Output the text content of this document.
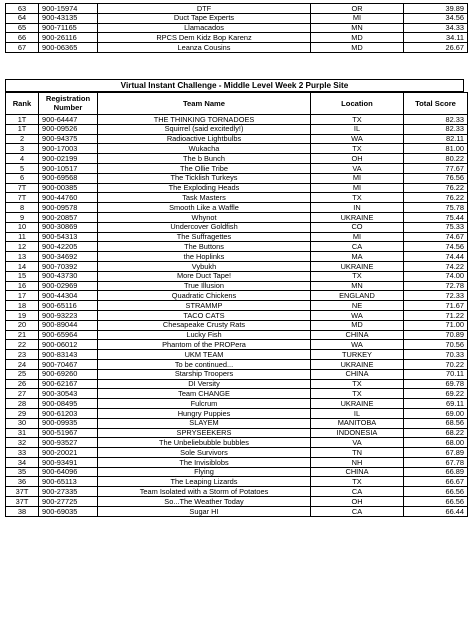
63	900-15974	DTF	OR	39.89
64	900-43135	Duct Tape Experts	MI	34.56
65	900-71165	Llamacados	MN	34.33
66	900-26116	RPCS Dem Kidz Bop Karenz	MD	34.11
67	900-06365	Leanza Cousins	MD	26.67
Virtual Instant Challenge - Middle Level Week 2 Purple Site
Rank	Registration Number	Team Name	Location	Total Score
1T	900-64447	THE THINKING TORNADOES	TX	82.33
1T	900-09526	Squirrel (said excitedly!)	IL	82.33
2	900-94375	Radioactive Lightbulbs	WA	82.11
3	900-17003	Wukacha	TX	81.00
4	900-02199	The b Bunch	OH	80.22
5	900-10517	The Ollie Tribe	VA	77.67
6	900-69568	The Ticklish Turkeys	MI	76.56
7T	900-00385	The Exploding Heads	MI	76.22
7T	900-44760	Task Masters	TX	76.22
8	900-09578	Smooth Like a Waffle	IN	75.78
9	900-20857	Whynot	UKRAINE	75.44
10	900-30869	Undercover Goldfish	CO	75.33
11	900-54313	The Suffragettes	MI	74.67
12	900-42205	The Buttons	CA	74.56
13	900-34692	the Hoplinks	MA	74.44
14	900-70392	Vybukh	UKRAINE	74.22
15	900-43730	More Duct Tape!	TX	74.00
16	900-02969	True Illusion	MN	72.78
17	900-44304	Quadratic Chickens	ENGLAND	72.33
18	900-65116	STRAMMP	NE	71.67
19	900-93223	TACO CATS	WA	71.22
20	900-89044	Chesapeake Crusty Rats	MD	71.00
21	900-65964	Lucky Fish	CHINA	70.89
22	900-06012	Phantom of the PROPera	WA	70.56
23	900-83143	UKM TEAM	TURKEY	70.33
24	900-70467	To be continued...	UKRAINE	70.22
25	900-69260	Starship Troopers	CHINA	70.11
26	900-62167	DI Versity	TX	69.78
27	900-30543	Team CHANGE	TX	69.22
28	900-08495	Fulcrum	UKRAINE	69.11
29	900-61203	Hungry Puppies	IL	69.00
30	900-09935	SLAYEM	MANITOBA	68.56
31	900-51967	SPRYSEEKERS	INDONESIA	68.22
32	900-93527	The Unbeliebubble bubbles	VA	68.00
33	900-20021	Sole Survivors	TN	67.89
34	900-93491	The Invisiblobs	NH	67.78
35	900-64096	Flying	CHINA	66.89
36	900-65113	The Leaping Lizards	TX	66.67
37T	900-27335	Team Isolated with a Storm of Potatoes	CA	66.56
37T	900-27725	So...The Weather Today	OH	66.56
38	900-69035	Sugar HI	CA	66.44
